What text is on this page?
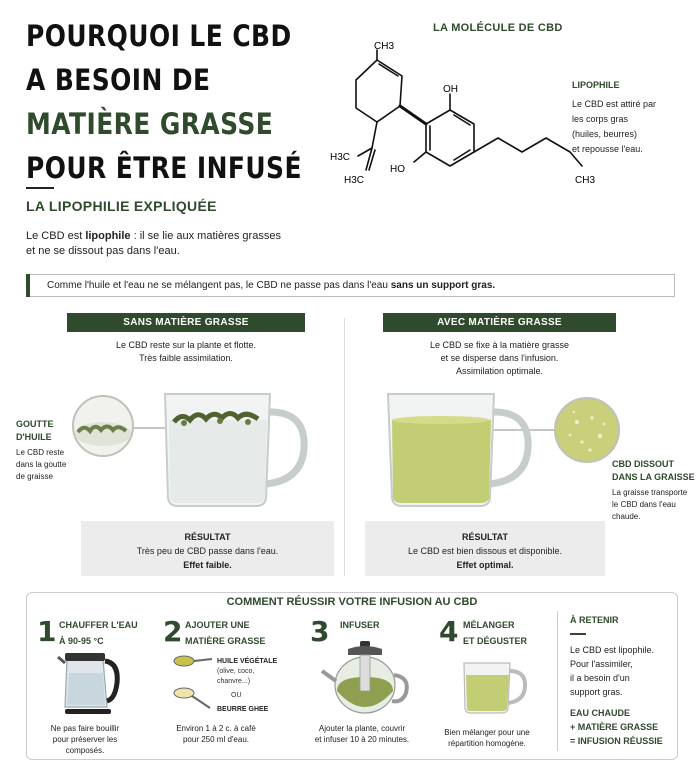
POURQUOI LE CBD
A BESOIN DE
MATIÈRE GRASSE
POUR ÊTRE INFUSÉ
LA LIPOPHILIE EXPLIQUÉE
Le CBD est lipophile : il se lie aux matières grasses
et ne se dissout pas dans l'eau.
LA MOLÉCULE DE CBD
CH3
OH
HO
H3C
H3C	CH3
LIPOPHILE
Le CBD est attiré par
les corps gras
(huiles, beurres)
et repousse l'eau.
Comme l'huile et l'eau ne se mélangent pas, le CBD ne passe pas dans l'eau sans un support gras.
SANS MATIÈRE GRASSE
Le CBD reste sur la plante et flotte.
Très faible assimilation.
GOUTTE
D'HUILE
Le CBD reste
dans la goutte
de graisse
RÉSULTAT
Très peu de CBD passe dans l'eau.
Effet faible.
AVEC MATIÈRE GRASSE
Le CBD se fixe à la matière grasse
et se disperse dans l'infusion.
Assimilation optimale.
CBD DISSOUT
DANS LA GRAISSE
La graisse transporte
le CBD dans l'eau
chaude.
RÉSULTAT
Le CBD est bien dissous et disponible.
Effet optimal.
COMMENT RÉUSSIR VOTRE INFUSION AU CBD
1 CHAUFFER L'EAU
À 90-95 °C
Ne pas faire bouillir
pour préserver les
composés.
2 AJOUTER UNE
MATIÈRE GRASSE
HUILE VÉGÉTALE
(olive, coco,
chanvre...)
OU
BEURRE GHEE
Environ 1 à 2 c. à café
pour 250 ml d'eau.
3 INFUSER
Ajouter la plante, couvrir
et infuser 10 à 20 minutes.
4 MÉLANGER
ET DÉGUSTER
Bien mélanger pour une
répartition homogène.
À RETENIR
Le CBD est lipophile.
Pour l'assimiler,
il a besoin d'un
support gras.
EAU CHAUDE
+ MATIÈRE GRASSE
= INFUSION RÉUSSIE
